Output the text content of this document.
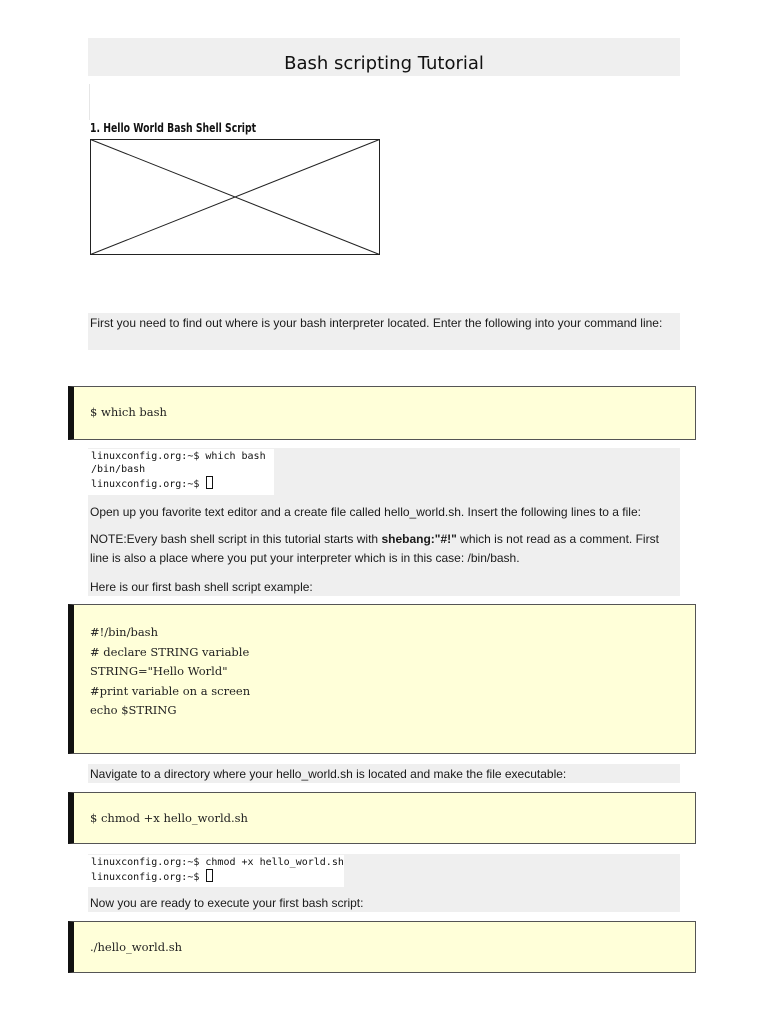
Bash scripting Tutorial
1. Hello World Bash Shell Script
First you need to find out where is your bash interpreter located. Enter the following into your command line:
$ which bash
linuxconfig.org:~$ which bash
/bin/bash
linuxconfig.org:~$
Open up you favorite text editor and a create file called hello_world.sh. Insert the following lines to a file:
NOTE:Every bash shell script in this tutorial starts with shebang:"#!" which is not read as a comment. First line is also a place where you put your interpreter which is in this case: /bin/bash.
Here is our first bash shell script example:
#!/bin/bash
# declare STRING variable
STRING="Hello World"
#print variable on a screen
echo $STRING
Navigate to a directory where your hello_world.sh is located and make the file executable:
$ chmod +x hello_world.sh
linuxconfig.org:~$ chmod +x hello_world.sh
linuxconfig.org:~$
Now you are ready to execute your first bash script:
./hello_world.sh
